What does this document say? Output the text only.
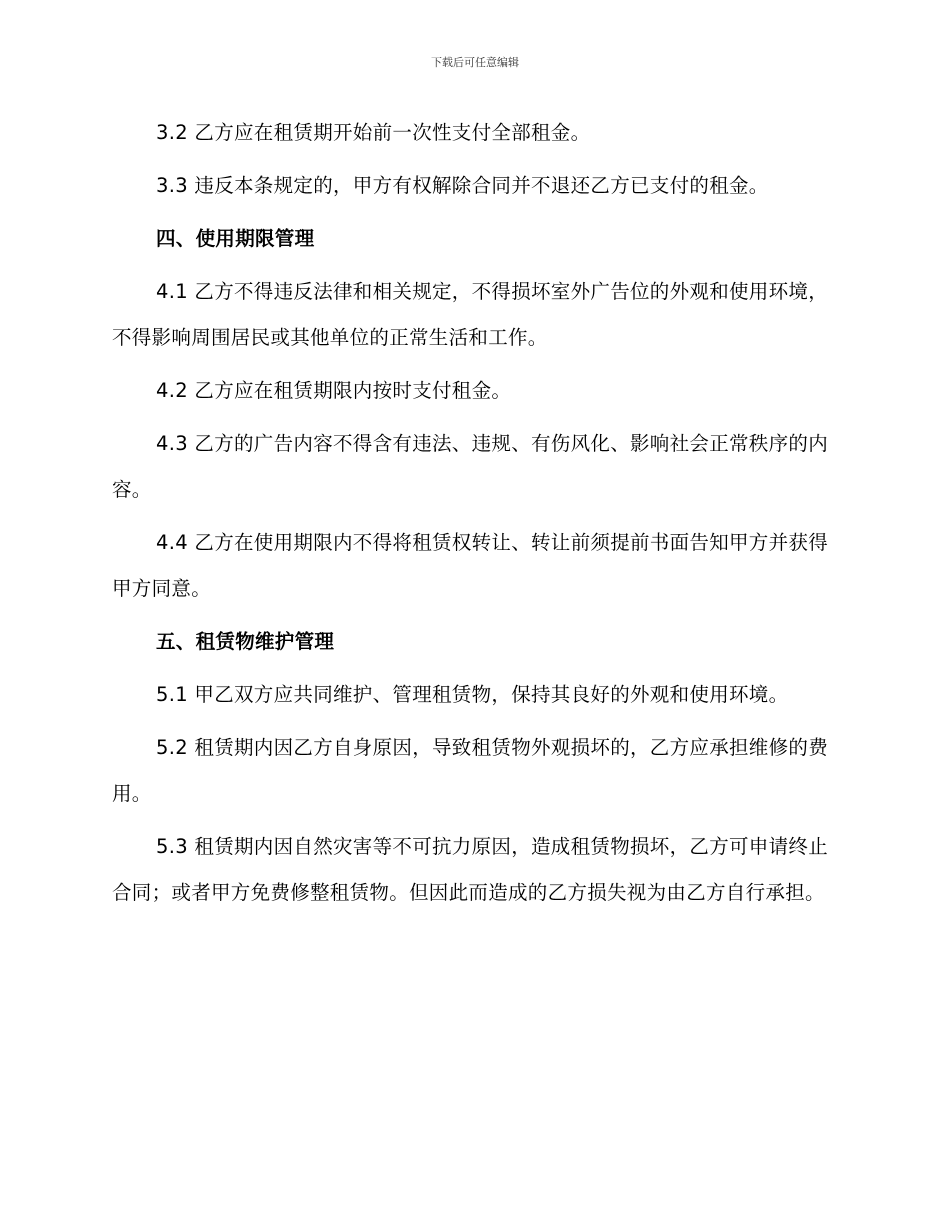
下载后可任意编辑

3.2 乙方应在租赁期开始前一次性支付全部租金。

3.3 违反本条规定的，甲方有权解除合同并不退还乙方已支付的租金。

四、使用期限管理

4.1 乙方不得违反法律和相关规定，不得损坏室外广告位的外观和使用环境，不得影响周围居民或其他单位的正常生活和工作。

4.2 乙方应在租赁期限内按时支付租金。

4.3 乙方的广告内容不得含有违法、违规、有伤风化、影响社会正常秩序的内容。

4.4 乙方在使用期限内不得将租赁权转让、转让前须提前书面告知甲方并获得甲方同意。

五、租赁物维护管理

5.1 甲乙双方应共同维护、管理租赁物，保持其良好的外观和使用环境。

5.2 租赁期内因乙方自身原因，导致租赁物外观损坏的，乙方应承担维修的费用。

5.3 租赁期内因自然灾害等不可抗力原因，造成租赁物损坏，乙方可申请终止合同；或者甲方免费修整租赁物。但因此而造成的乙方损失视为由乙方自行承担。
